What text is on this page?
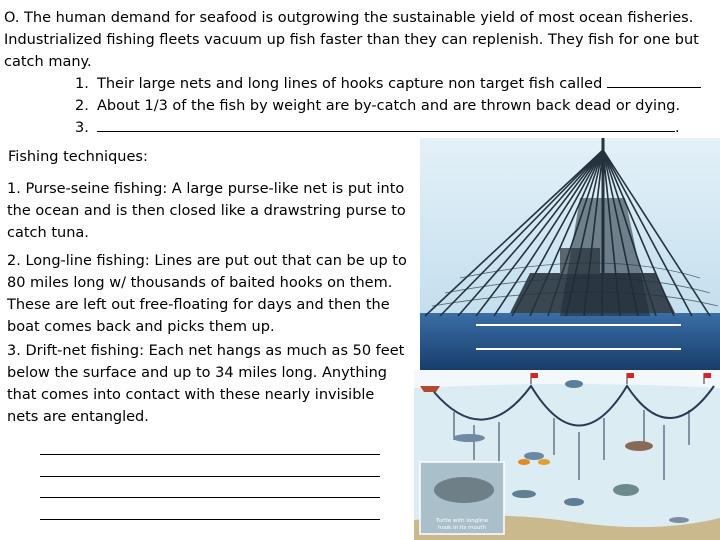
O. The human demand for seafood is outgrowing the sustainable yield of most ocean fisheries.

Industrialized fishing fleets vacuum up fish faster than they can replenish. They fish for one but

catch many.

1. Their large nets and long lines of hooks capture non target fish called
2. About 1/3 of the fish by weight are by-catch and are thrown back dead or dying.
3.	.
Fishing techniques:
1. Purse-seine fishing: A large purse-like net is put into the ocean and is then closed like a drawstring purse to catch tuna.
2. Long-line fishing: Lines are put out that can be up to 80 miles long w/ thousands of baited hooks on them. These are left out free-floating for days and then the boat comes back and picks them up.
3. Drift-net fishing: Each net hangs as much as 50 feet below the surface and up to 34 miles long. Anything that comes into contact with these nearly invisible nets are entangled.
Turtle with longline
hook in its mouth
